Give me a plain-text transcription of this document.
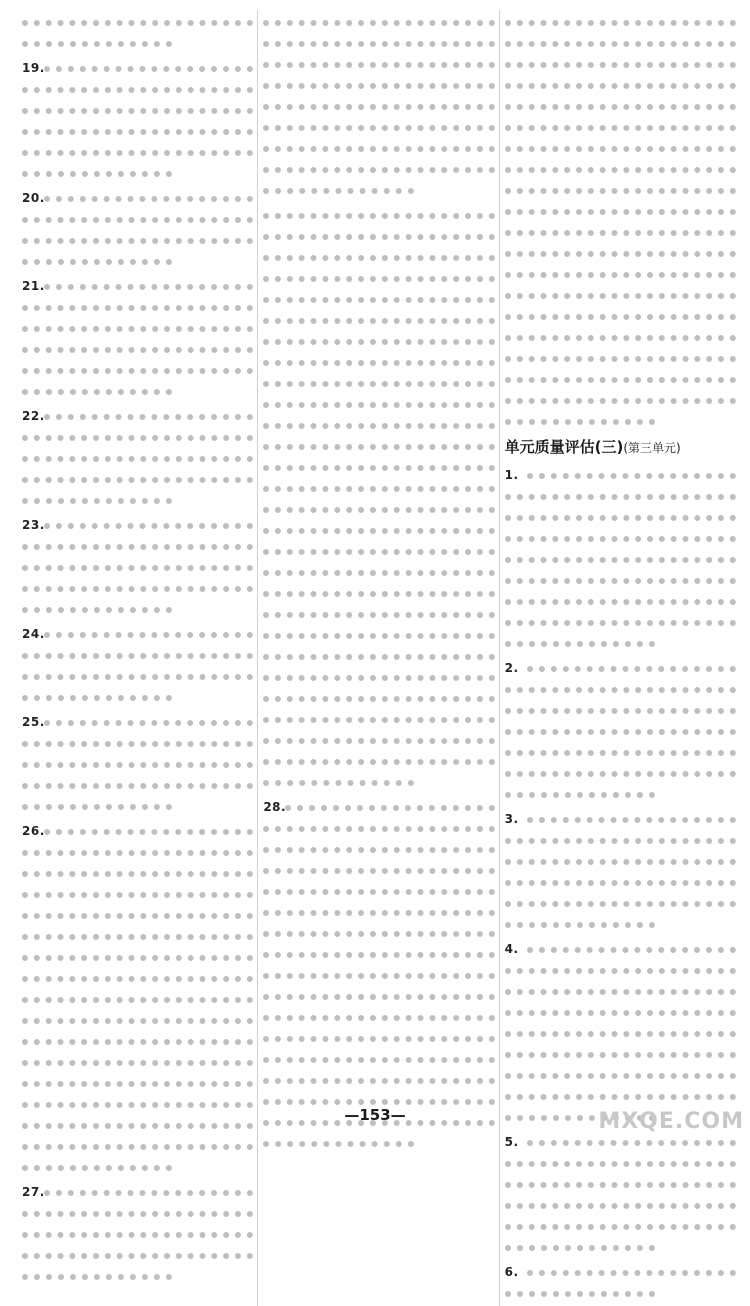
19.
20.
21.
22.
23.
24.
25.
26.
27.
28.
单元质量评估(三)(第三单元)
1.
2.
3.
4.
5.
6.
—153—	MXQE.COM
